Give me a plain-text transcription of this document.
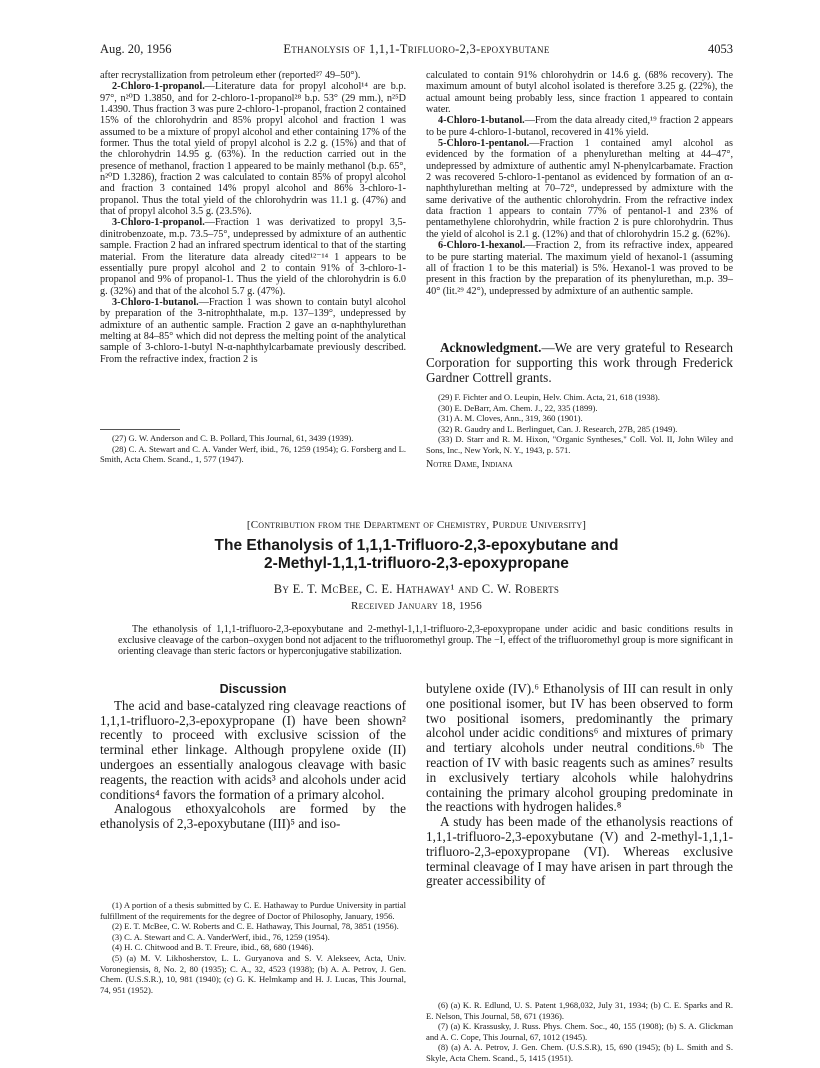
Aug. 20, 1956	Ethanolysis of 1,1,1-Trifluoro-2,3-epoxybutane	4053

after recrystallization from petroleum ether (reported²⁷ 49–50°).

2-Chloro-1-propanol.—Literature data for propyl alcohol¹⁴ are b.p. 97°, n²⁰D 1.3850, and for 2-chloro-1-propanol²⁸ b.p. 53° (29 mm.), n²⁵D 1.4390. Thus fraction 3 was pure 2-chloro-1-propanol, fraction 2 contained 15% of the chlorohydrin and 85% propyl alcohol and fraction 1 was assumed to be a mixture of propyl alcohol and ether containing 17% of the former. Thus the total yield of propyl alcohol is 2.2 g. (15%) and that of the chlorohydrin 14.95 g. (63%). In the reduction carried out in the presence of methanol, fraction 1 appeared to be mainly methanol (b.p. 65°, n²⁰D 1.3286), fraction 2 was calculated to contain 85% of propyl alcohol and fraction 3 contained 14% propyl alcohol and 86% 3-chloro-1-propanol. Thus the total yield of the chlorohydrin was 11.1 g. (47%) and that of propyl alcohol 3.5 g. (23.5%).

3-Chloro-1-propanol.—Fraction 1 was derivatized to propyl 3,5-dinitrobenzoate, m.p. 73.5–75°, undepressed by admixture of an authentic sample. Fraction 2 had an infrared spectrum identical to that of the starting material. From the literature data already cited¹²⁻¹⁴ 1 appears to be essentially pure propyl alcohol and 2 to contain 91% of 3-chloro-1-propanol and 9% of propanol-1. Thus the yield of the chlorohydrin is 6.0 g. (32%) and that of the alcohol 5.7 g. (47%).

3-Chloro-1-butanol.—Fraction 1 was shown to contain butyl alcohol by preparation of the 3-nitrophthalate, m.p. 137–139°, undepressed by admixture of an authentic sample. Fraction 2 gave an α-naphthylurethan melting at 84–85° which did not depress the melting point of the analytical sample of 3-chloro-1-butyl N-α-naphthylcarbamate previously described. From the refractive index, fraction 2 is

(27) G. W. Anderson and C. B. Pollard, This Journal, 61, 3439 (1939).

(28) C. A. Stewart and C. A. Vander Werf, ibid., 76, 1259 (1954); G. Forsberg and L. Smith, Acta Chem. Scand., 1, 577 (1947).

calculated to contain 91% chlorohydrin or 14.6 g. (68% recovery). The maximum amount of butyl alcohol isolated is therefore 3.25 g. (22%), the actual amount being probably less, since fraction 1 appeared to contain water.

4-Chloro-1-butanol.—From the data already cited,¹⁹ fraction 2 appears to be pure 4-chloro-1-butanol, recovered in 41% yield.

5-Chloro-1-pentanol.—Fraction 1 contained amyl alcohol as evidenced by the formation of a phenylurethan melting at 44–47°, undepressed by admixture of authentic amyl N-phenylcarbamate. Fraction 2 was recovered 5-chloro-1-pentanol as evidenced by formation of an α-naphthylurethan melting at 70–72°, undepressed by admixture with the same derivative of the authentic chlorohydrin. From the refractive index data fraction 1 appears to contain 77% of pentanol-1 and 23% of pentamethylene chlorohydrin, while fraction 2 is pure chlorohydrin. Thus the yield of alcohol is 2.1 g. (12%) and that of chlorohydrin 15.2 g. (62%).

6-Chloro-1-hexanol.—Fraction 2, from its refractive index, appeared to be pure starting material. The maximum yield of hexanol-1 (assuming all of fraction 1 to be this material) is 5%. Hexanol-1 was proved to be present in this fraction by the preparation of its phenylurethan, m.p. 39–40° (lit.²⁹ 42°), undepressed by admixture of an authentic sample.

Acknowledgment.—We are very grateful to Research Corporation for supporting this work through Frederick Gardner Cottrell grants.

(29) F. Fichter and O. Leupin, Helv. Chim. Acta, 21, 618 (1938).

(30) E. DeBarr, Am. Chem. J., 22, 335 (1899).

(31) A. M. Cloves, Ann., 319, 360 (1901).

(32) R. Gaudry and L. Berlinguet, Can. J. Research, 27B, 285 (1949).

(33) D. Starr and R. M. Hixon, "Organic Syntheses," Coll. Vol. II, John Wiley and Sons, Inc., New York, N. Y., 1943, p. 571.

Notre Dame, Indiana

[Contribution from the Department of Chemistry, Purdue University]
The Ethanolysis of 1,1,1-Trifluoro-2,3-epoxybutane and
2-Methyl-1,1,1-trifluoro-2,3-epoxypropane
By E. T. McBee, C. E. Hathaway¹ and C. W. Roberts
Received January 18, 1956
The ethanolysis of 1,1,1-trifluoro-2,3-epoxybutane and 2-methyl-1,1,1-trifluoro-2,3-epoxypropane under acidic and basic conditions results in exclusive cleavage of the carbon–oxygen bond not adjacent to the trifluoromethyl group. The −I, effect of the trifluoromethyl group is more significant in orienting cleavage than steric factors or hyperconjugative stabilization.

Discussion

The acid and base-catalyzed ring cleavage reactions of 1,1,1-trifluoro-2,3-epoxypropane (I) have been shown² recently to proceed with exclusive scission of the terminal ether linkage. Although propylene oxide (II) undergoes an essentially analogous cleavage with basic reagents, the reaction with acids³ and alcohols under acid conditions⁴ favors the formation of a primary alcohol.

Analogous ethoxyalcohols are formed by the ethanolysis of 2,3-epoxybutane (III)⁵ and iso-

(1) A portion of a thesis submitted by C. E. Hathaway to Purdue University in partial fulfillment of the requirements for the degree of Doctor of Philosophy, January, 1956.

(2) E. T. McBee, C. W. Roberts and C. E. Hathaway, This Journal, 78, 3851 (1956).

(3) C. A. Stewart and C. A. VanderWerf, ibid., 76, 1259 (1954).

(4) H. C. Chitwood and B. T. Freure, ibid., 68, 680 (1946).

(5) (a) M. V. Likhosherstov, L. L. Guryanova and S. V. Alekseev, Acta, Univ. Voronegiensis, 8, No. 2, 80 (1935); C. A., 32, 4523 (1938); (b) A. A. Petrov, J. Gen. Chem. (U.S.S.R.), 10, 981 (1940); (c) G. K. Helmkamp and H. J. Lucas, This Journal, 74, 951 (1952).

butylene oxide (IV).⁶ Ethanolysis of III can result in only one positional isomer, but IV has been observed to form two positional isomers, predominantly the primary alcohol under acidic conditions⁶ and mixtures of primary and tertiary alcohols under neutral conditions.⁶ᵇ The reaction of IV with basic reagents such as amines⁷ results in exclusively tertiary alcohols while halohydrins containing the primary alcohol grouping predominate in the reactions with hydrogen halides.⁸

A study has been made of the ethanolysis reactions of 1,1,1-trifluoro-2,3-epoxybutane (V) and 2-methyl-1,1,1-trifluoro-2,3-epoxypropane (VI). Whereas exclusive terminal cleavage of I may have arisen in part through the greater accessibility of

(6) (a) K. R. Edlund, U. S. Patent 1,968,032, July 31, 1934; (b) C. E. Sparks and R. E. Nelson, This Journal, 58, 671 (1936).

(7) (a) K. Krassusky, J. Russ. Phys. Chem. Soc., 40, 155 (1908); (b) S. A. Glickman and A. C. Cope, This Journal, 67, 1012 (1945).

(8) (a) A. A. Petrov, J. Gen. Chem. (U.S.S.R), 15, 690 (1945); (b) L. Smith and S. Skyle, Acta Chem. Scand., 5, 1415 (1951).
